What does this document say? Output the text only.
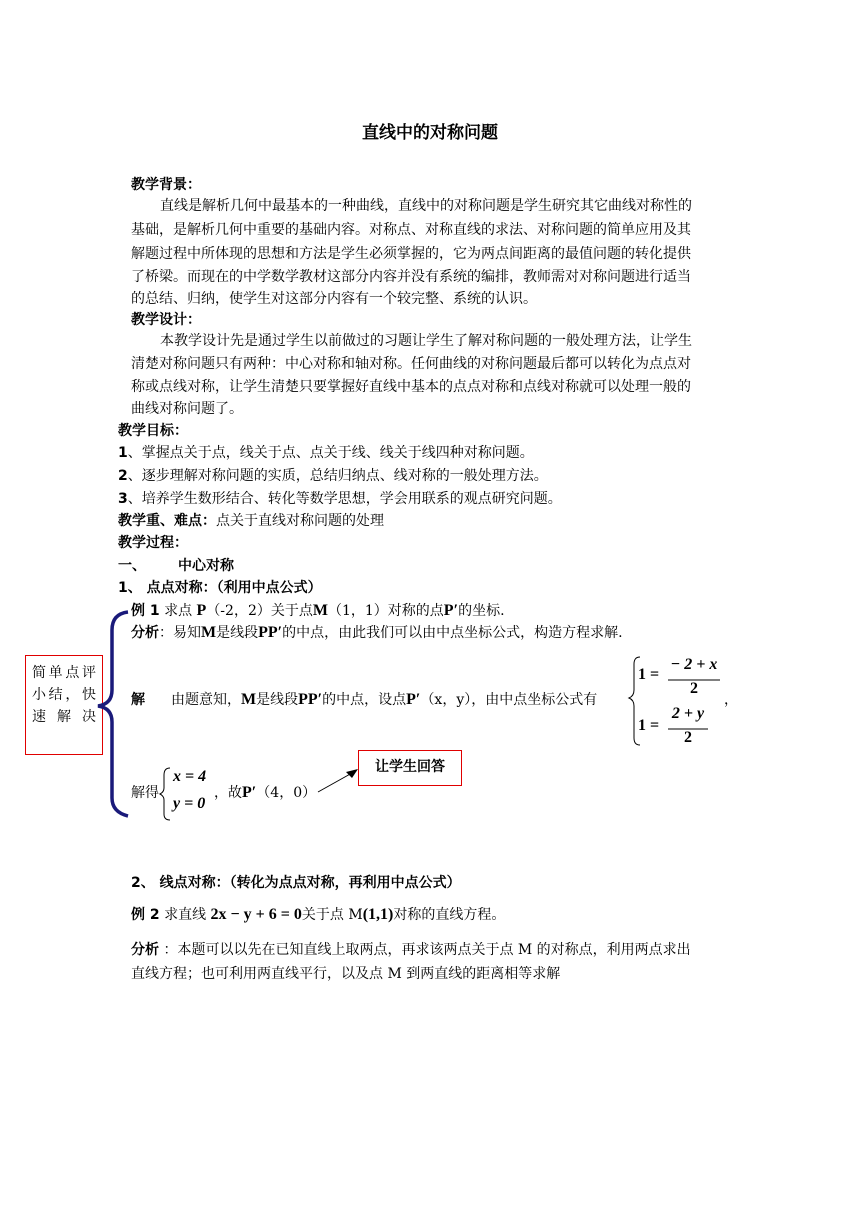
直线中的对称问题
教学背景：
直线是解析几何中最基本的一种曲线，直线中的对称问题是学生研究其它曲线对称性的
基础，是解析几何中重要的基础内容。对称点、对称直线的求法、对称问题的简单应用及其
解题过程中所体现的思想和方法是学生必须掌握的，它为两点间距离的最值问题的转化提供
了桥梁。而现在的中学数学教材这部分内容并没有系统的编排，教师需对对称问题进行适当
的总结、归纳，使学生对这部分内容有一个较完整、系统的认识。
教学设计：
本教学设计先是通过学生以前做过的习题让学生了解对称问题的一般处理方法，让学生
清楚对称问题只有两种：中心对称和轴对称。任何曲线的对称问题最后都可以转化为点点对
称或点线对称，让学生清楚只要掌握好直线中基本的点点对称和点线对称就可以处理一般的
曲线对称问题了。
教学目标：
1、掌握点关于点，线关于点、点关于线、线关于线四种对称问题。
2、逐步理解对称问题的实质，总结归纳点、线对称的一般处理方法。
3、培养学生数形结合、转化等数学思想，学会用联系的观点研究问题。
教学重、难点：点关于直线对称问题的处理
教学过程：
一、 中心对称
1、 点点对称：（利用中点公式）
例 1 求点 P（-2，2）关于点M（1，1）对称的点P′的坐标.
分析：易知M是线段PP′的中点，由此我们可以由中点坐标公式，构造方程求解.
解 由题意知，M是线段PP′的中点，设点P′（x，y），由中点坐标公式有
1 =
− 2 + x
2
1 =
2 + y
2
，
解得
x = 4
y = 0
，故P′（4，0）
简单点评小结，快速解决
让学生回答
2、 线点对称：（转化为点点对称，再利用中点公式）
例 2 求直线 2x − y + 6 = 0关于点 M(1,1)对称的直线方程。
分析 ：本题可以以先在已知直线上取两点，再求该两点关于点 M 的对称点，利用两点求出
直线方程；也可利用两直线平行，以及点 M 到两直线的距离相等求解
